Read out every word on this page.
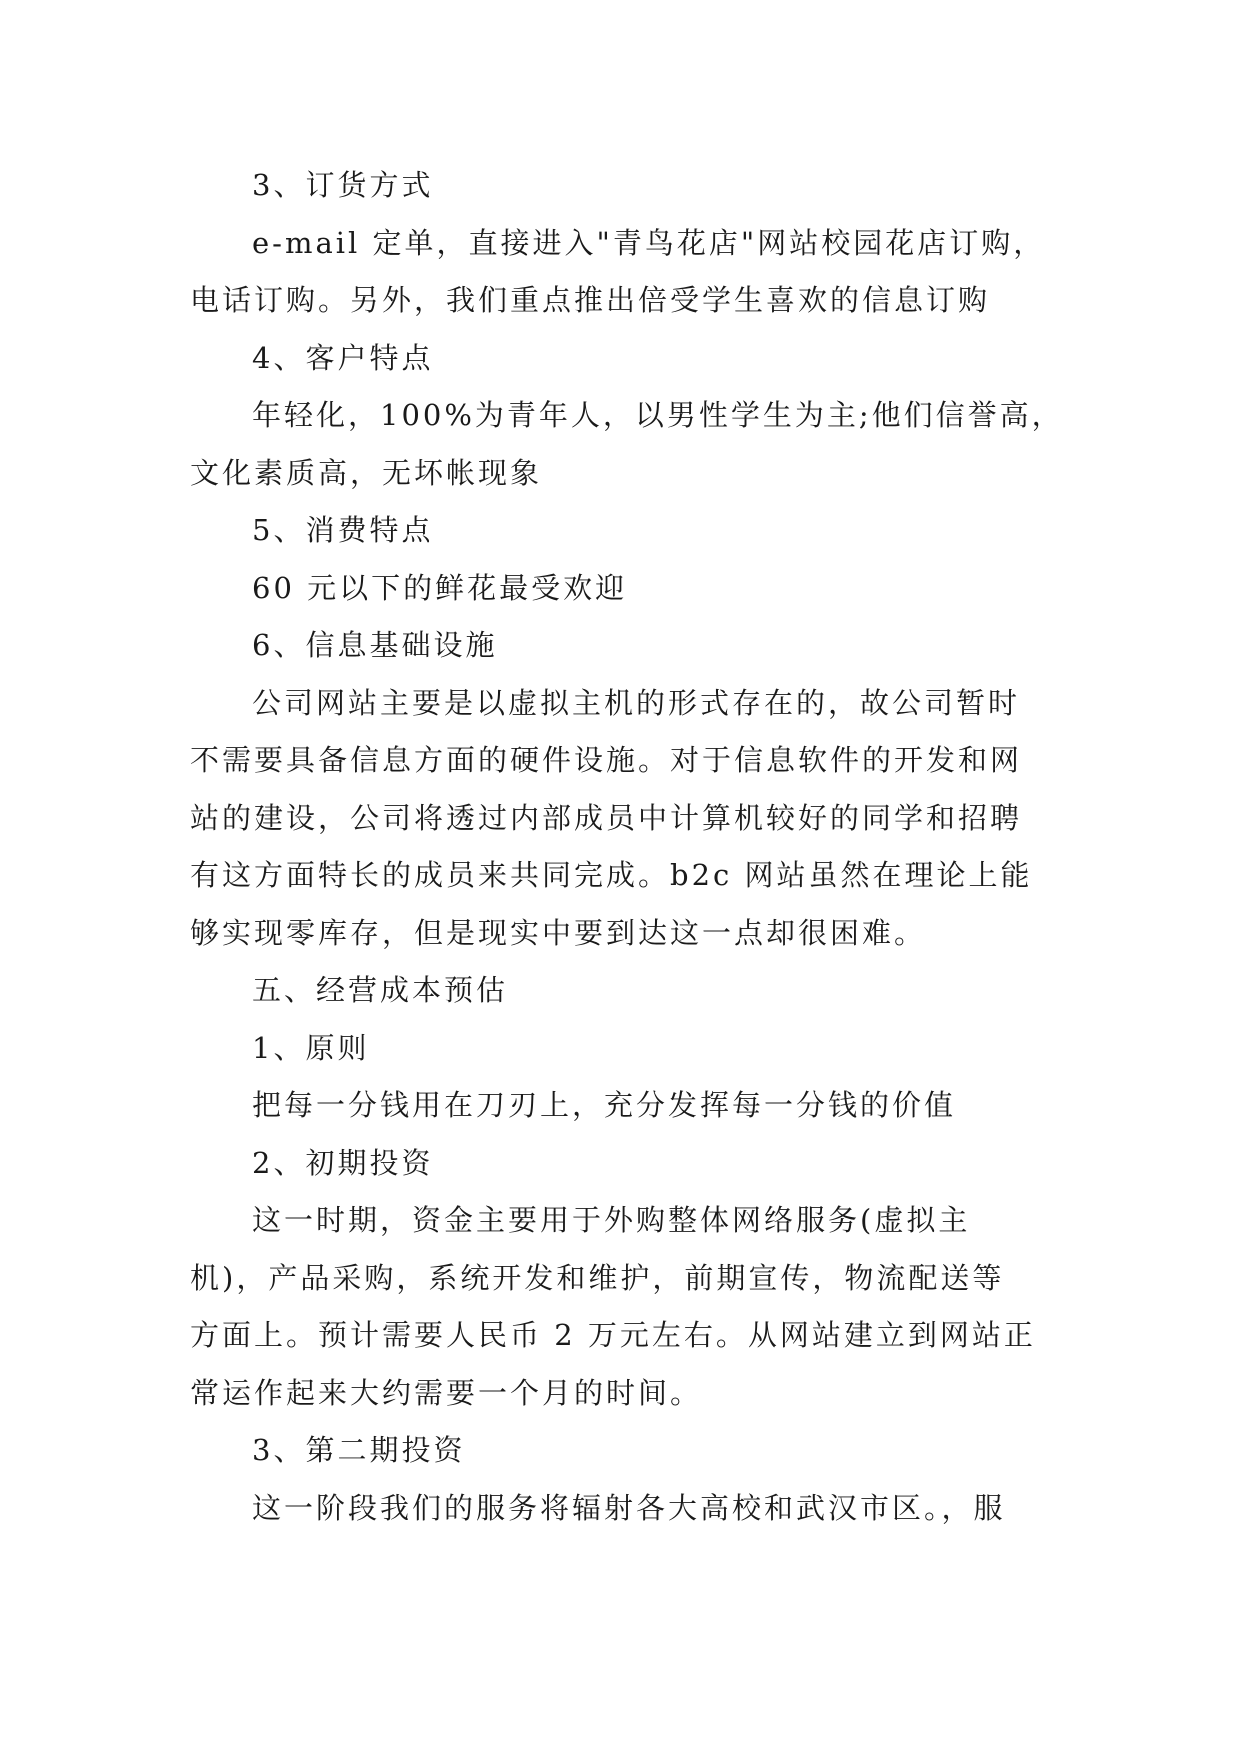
3、订货方式
e-mail 定单，直接进入"青鸟花店"网站校园花店订购，
电话订购。另外，我们重点推出倍受学生喜欢的信息订购
4、客户特点
年轻化，100%为青年人，以男性学生为主;他们信誉高，
文化素质高，无坏帐现象
5、消费特点
60 元以下的鲜花最受欢迎
6、信息基础设施
公司网站主要是以虚拟主机的形式存在的，故公司暂时
不需要具备信息方面的硬件设施。对于信息软件的开发和网
站的建设，公司将透过内部成员中计算机较好的同学和招聘
有这方面特长的成员来共同完成。b2c 网站虽然在理论上能
够实现零库存，但是现实中要到达这一点却很困难。
五、经营成本预估
1、原则
把每一分钱用在刀刃上，充分发挥每一分钱的价值
2、初期投资
这一时期，资金主要用于外购整体网络服务(虚拟主
机)，产品采购，系统开发和维护，前期宣传，物流配送等
方面上。预计需要人民币 2 万元左右。从网站建立到网站正
常运作起来大约需要一个月的时间。
3、第二期投资
这一阶段我们的服务将辐射各大高校和武汉市区。，服
